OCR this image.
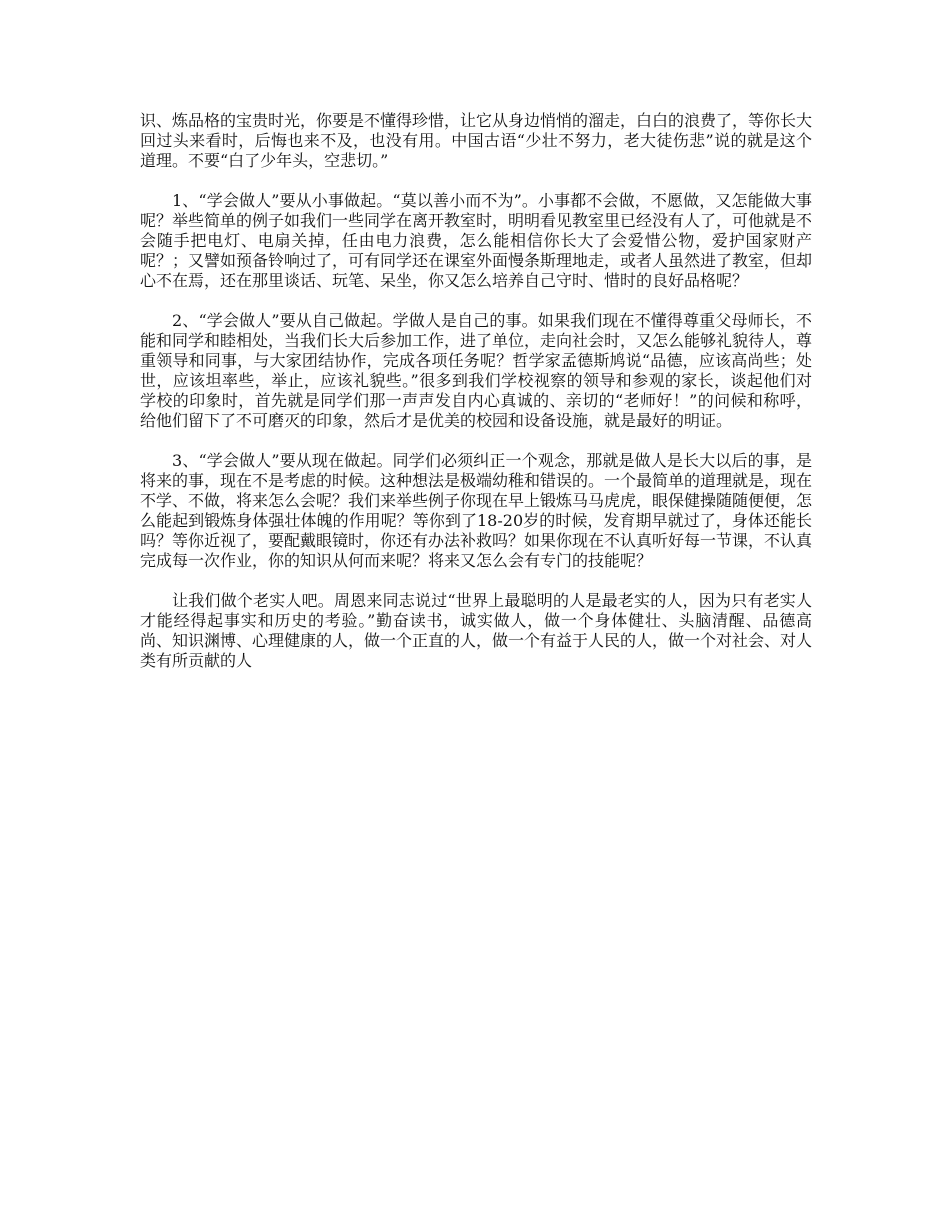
识、炼品格的宝贵时光，你要是不懂得珍惜，让它从身边悄悄的溜走，白白的浪费了，等你长大回过头来看时，后悔也来不及，也没有用。中国古语“少壮不努力，老大徒伤悲”说的就是这个道理。不要“白了少年头，空悲切。”

1、“学会做人”要从小事做起。“莫以善小而不为”。小事都不会做，不愿做，又怎能做大事呢？举些简单的例子如我们一些同学在离开教室时，明明看见教室里已经没有人了，可他就是不会随手把电灯、电扇关掉，任由电力浪费，怎么能相信你长大了会爱惜公物，爱护国家财产呢？；又譬如预备铃响过了，可有同学还在课室外面慢条斯理地走，或者人虽然进了教室，但却心不在焉，还在那里谈话、玩笔、呆坐，你又怎么培养自己守时、惜时的良好品格呢？

2、“学会做人”要从自己做起。学做人是自己的事。如果我们现在不懂得尊重父母师长，不能和同学和睦相处，当我们长大后参加工作，进了单位，走向社会时，又怎么能够礼貌待人，尊重领导和同事，与大家团结协作，完成各项任务呢？哲学家孟德斯鸠说“品德，应该高尚些；处世，应该坦率些，举止，应该礼貌些。”很多到我们学校视察的领导和参观的家长，谈起他们对学校的印象时，首先就是同学们那一声声发自内心真诚的、亲切的“老师好！”的问候和称呼，给他们留下了不可磨灭的印象，然后才是优美的校园和设备设施，就是最好的明证。

3、“学会做人”要从现在做起。同学们必须纠正一个观念，那就是做人是长大以后的事，是将来的事，现在不是考虑的时候。这种想法是极端幼稚和错误的。一个最简单的道理就是，现在不学、不做，将来怎么会呢？我们来举些例子你现在早上锻炼马马虎虎，眼保健操随随便便，怎么能起到锻炼身体强壮体魄的作用呢？等你到了18-20岁的时候，发育期早就过了，身体还能长吗？等你近视了，要配戴眼镜时，你还有办法补救吗？如果你现在不认真听好每一节课，不认真完成每一次作业，你的知识从何而来呢？将来又怎么会有专门的技能呢？

让我们做个老实人吧。周恩来同志说过“世界上最聪明的人是最老实的人，因为只有老实人才能经得起事实和历史的考验。”勤奋读书，诚实做人，做一个身体健壮、头脑清醒、品德高尚、知识渊博、心理健康的人，做一个正直的人，做一个有益于人民的人，做一个对社会、对人类有所贡献的人
